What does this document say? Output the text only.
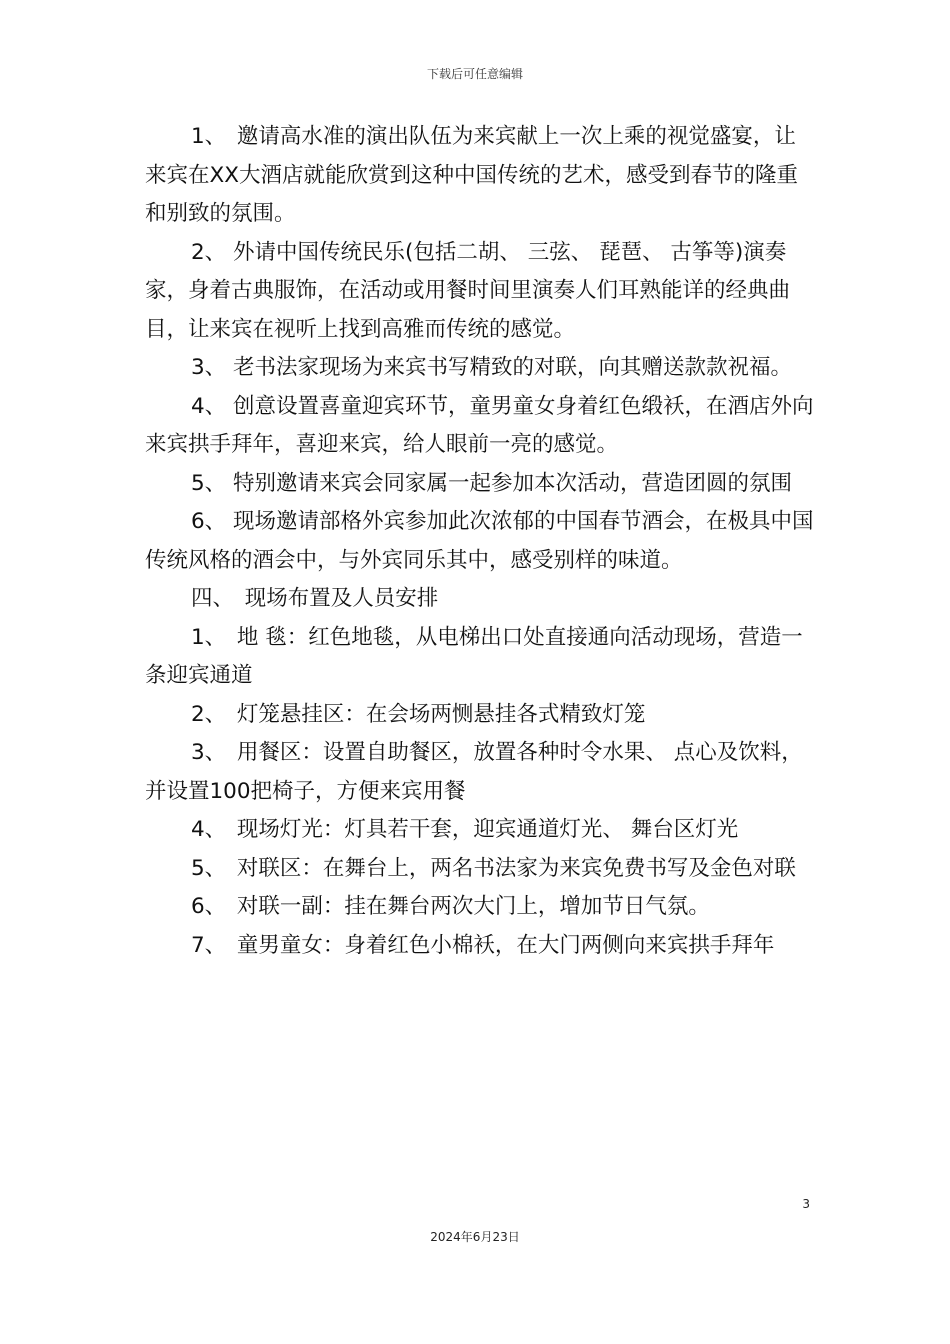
下载后可任意编辑

1、　邀请高水准的演出队伍为来宾献上一次上乘的视觉盛宴，让来宾在XX大酒店就能欣赏到这种中国传统的艺术，感受到春节的隆重和别致的氛围。

2、 外请中国传统民乐(包括二胡、 三弦、 琵琶、 古筝等)演奏家，身着古典服饰，在活动或用餐时间里演奏人们耳熟能详的经典曲目，让来宾在视听上找到高雅而传统的感觉。

3、 老书法家现场为来宾书写精致的对联，向其赠送款款祝福。

4、 创意设置喜童迎宾环节，童男童女身着红色缎袄，在酒店外向来宾拱手拜年，喜迎来宾，给人眼前一亮的感觉。

5、 特别邀请来宾会同家属一起参加本次活动，营造团圆的氛围

6、 现场邀请部格外宾参加此次浓郁的中国春节酒会，在极具中国传统风格的酒会中，与外宾同乐其中，感受别样的味道。

四、　现场布置及人员安排

1、　地 毯：红色地毯，从电梯出口处直接通向活动现场，营造一条迎宾通道

2、　灯笼悬挂区：在会场两恻悬挂各式精致灯笼

3、　用餐区：设置自助餐区，放置各种时令水果、 点心及饮料，并设置100把椅子，方便来宾用餐

4、　现场灯光：灯具若干套，迎宾通道灯光、 舞台区灯光

5、　对联区：在舞台上，两名书法家为来宾免费书写及金色对联

6、　对联一副：挂在舞台两次大门上，增加节日气氛。

7、　童男童女：身着红色小棉袄，在大门两侧向来宾拱手拜年

3
2024年6月23日
